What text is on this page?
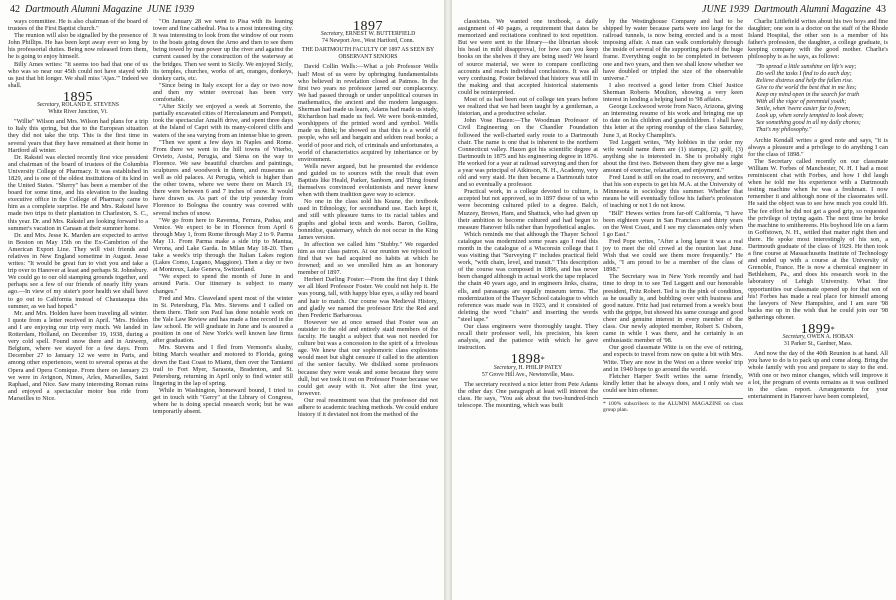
42 Dartmouth Alumni Magazine JUNE 1939

ways committee. He is also chairman of the board of trustees of the First Baptist church."

The reunion will also be signalled by the presence of John Phillips. He has been kept away ever so long by his professorial duties. Being now released from them, he is going to enjoy himself.

Billy Ames writes: "It seems too bad that one of us who was so near our 45th could not have stayed with us just that bit longer. We shall miss 'Ajax.'" Indeed we shall.

1895
Secretary, ROLAND E. STEVENS
White River Junction, Vt.

"Willie" Wilson and Mrs. Wilson had plans for a trip to Italy this spring, but due to the European situation they did not take the trip. This is the first time in several years that they have remained at their home in Hartford all winter.

Dr. Rakstel was elected recently first vice president and chairman of the board of trustees of the Columbia University College of Pharmacy. It was established in 1829, and is one of the oldest institutions of its kind in the United States. "Sherry" has been a member of the board for some time, and his elevation to the leading executive office in the College of Pharmacy came to him as a complete surprise. He and Mrs. Rakstel have made two trips to their plantation in Charleston, S. C., this year. Dr. and Mrs. Rakstel are looking forward to a summer's vacation in Canaan at their summer home.

Dr. and Mrs. Jesse K. Marden are expected to arrive in Boston on May 15th on the Ex-Cambrion of the American Export Line. They will visit friends and relatives in New England sometime in August. Jesse writes: "It would be great fun to visit you and take a trip over to Hanover at least and perhaps St. Johnsbury. We could go to our old stamping grounds together, and perhaps see a few of our friends of nearly fifty years ago.—In view of my sister's poor health we shall have to go out to California instead of Chautauqua this summer, as we had hoped."

Mr. and Mrs. Holden have been traveling all winter. I quote from a letter received in April. "Mrs. Holden and I are enjoying our trip very much. We landed in Rotterdam, Holland, on December 19, 1938, during a very cold spell. Found snow there and in Antwerp, Belgium, where we stayed for a few days. From December 27 to January 12 we were in Paris, and among other experiences, went to several operas at the Opera and Opera Comique. From there on January 23 we were in Avignon, Nimes, Arles, Marseilles, Saint Raphael, and Nice. Saw many interesting Roman ruins and enjoyed a spectacular motor bus ride from Marseilles to Nice.

"On January 28 we went to Pisa with its leaning tower and fine cathedral. Pisa is a most interesting city. It was interesting to look from the window of our room to the boats going down the Arno and then to see them being towed by man power up the river and against the current caused by the construction of the waterway at the bridges. Then we went to Sicily. We enjoyed Sicily, its temples, churches, works of art, oranges, donkeys, donkey carts, etc.

"Since being in Italy except for a day or two now and then my winter overcoat has been very comfortable.

"After Sicily we enjoyed a week at Sorrento, the partially excavated cities of Herculaneum and Pompeii, took the spectacular Amalfi drive, and spent three days at the Island of Capri with its many-colored cliffs and waters of the sea varying from an intense blue to green.

"Then we spent a few days in Naples and Rome. From there we went to the hill towns of Viterbo, Orvieto, Assisi, Perugia, and Siena on the way to Florence. We saw beautiful churches and paintings, sculptures and woodwork in them, and museums as well as old palaces. At Perugia, which is higher than the other towns, where we were there on March 19, there were between 6 and 7 inches of snow. It would have drawn us. As part of the trip yesterday from Florence to Bologna the country was covered with several inches of snow.

"We go from here to Ravenna, Ferrara, Padua, and Venice. We expect to be in Florence from April 6 through May 1, from Rome through May 2 to 9. Parma May 11. From Parma make a side trip to Mantua, Verona, and Lake Garda. In Milan May 18-20. Then take a week's trip through the Italian Lakes region (Lakes Como, Lugano, Maggiore). Then a day or two at Montreux, Lake Geneva, Switzerland.

"We expect to spend the month of June in and around Paris. Our itinerary is subject to many changes."

Fred and Mrs. Cleaveland spent most of the winter in St. Petersburg, Fla. Mrs. Stevens and I called on them there. Their son Paul has done notable work on the Yale Law Review and has made a fine record in the law school. He will graduate in June and is assured a position in one of New York's well known law firms after graduation.

Mrs. Stevens and I fled from Vermont's slushy, biting March weather and motored to Florida, going down the East Coast to Miami, then over the Tamiami trail to Fort Myer, Sarasota, Bradenton, and St. Petersburg, returning in April only to find winter still lingering in the lap of spring.

While in Washington, homeward bound, I tried to get in touch with "Gerry" at the Library of Congress, where he is doing special research work; but he was temporarily absent.

1897
Secretary, ERNEST W. BUTTERFIELD
74 Newport Ave., West Hartford, Conn.
THE DARTMOUTH FACULTY OF 1897 AS SEEN BY OBSERVANT SENIORS

David Collin Wells:—What a job Professor Wells had! Most of us were by upbringing fundamentalists who believed in revelation closed at Patmos. In the first two years no professor jarred our complacency. We had passed through or under unpolitical courses in mathematics, the ancient and the modern languages. Sherman had made us learn, Adams had made us study, Richardson had made us feel. We were book-minded, worshippers of the printed word and symbol. Wells made us think; he showed us that this is a world of people, who sell and bargain and seldom read books; a world of poor and rich, of criminals and unfortunates, a world of characteristics acquired by inheritance or by environment.

Wells never argued, but he presented the evidence and guided us to sources with the result that even Baptists like Heald, Parker, Sanborn, and Thing found themselves convinced evolutionists and never knew when with them tradition gave way to science.

No one in the class sold his Keane, the textbook used in Ethnology, for secondhand use. Each kept it, and still with pleasure turns to its racial tables and graphs and global texts and words. Baron, Gollins, bonnidise, quaternary, which do not occur in the King James version.

In affection we called him "Stubby." We regarded him as our class patron. At our reunion we rejoiced to find that we had acquired no habits at which he frowned; and so we enrolled him as an honorary member of 1897.

Herbert Darling Foster:—From the first day I think we all liked Professor Foster. We could not help it. He was young, tall, with happy blue eyes, a silky red beard and hair to match. Our course was Medieval History, and gladly we named the professor Eric the Red and then Frederic Barbarossa.

However we at once sensed that Foster was an outsider to the old and entirely staid members of the faculty. He taught a subject that was not needed for culture but was a concession to the spirit of a frivolous age. We knew that our sophomoric class explosions would meet but slight censure if called to the attention of the senior faculty. We disliked some professors because they were weak and some because they were dull, but we took it out on Professor Foster because we could get away with it. Not after the first year, however.

Our real resentment was that the professor did not adhere to academic teaching methods. We could endure history if it deviated not from the method of the

JUNE 1939 Dartmouth Alumni Magazine 43

classicists. We wanted one textbook, a daily assignment of 40 pages, a requirement that dates be memorized and recitations confined to text repetition. But we were sent to the library—the librarian shook his head in mild disapproval, for how can you keep books on the shelves if they are being used? We heard of source material, we were to compare conflicting accounts and reach individual conclusions. It was all very confusing. Foster believed that history was still in the making and that accepted historical statements could be reinterpreted.

Most of us had been out of college ten years before we realized that we had been taught by a gentleman, a historian, and a productive scholar.

John Vose Hazen:—The Woodman Professor of Civil Engineering on the Chandler Foundation followed the well-charted early route to a Dartmouth chair. The name is one that is inherent to the northern Connecticut valley. Hazen got his scientific degree at Dartmouth in 1875 and his engineering degree in 1876. He worked for a year at railroad surveying and then for a year was principal of Atkinson, N. H., Academy, very old and very staid. He then became a Dartmouth tutor and so eventually a professor.

Practical work, in a college devoted to culture, is accepted but not approved, so in 1897 those of us who were becoming cultured piled to a degree. Balch, Muzzey, Brown, Ham, and Shattuck, who had given up their ambition to become cultured and had begun to measure Hanover hills rather than hypothetical angles.

Which reminds me that although the Thayer School catalogue was modernized some years ago I read this month in the catalogue of a Wisconsin college that I was visiting that "Surveying I" includes practical field work, "with chain, level, and transit." This description of the course was composed in 1896, and has never been changed although in actual work the tape replaced the chain 40 years ago, and in engineers links, chains, ells, and parasangs are equally museum terms. The modernization of the Thayer School catalogue to which reference was made was in 1923, and it consisted of deleting the word "chain" and inserting the words "steel tape."

Our class engineers were thoroughly taught. They recall their professor well, his precision, his keen analysis, and the patience with which he gave instruction.

1898*
Secretary, H. PHILIP PATEY
57 Grove Hill Ave., Newtonville, Mass.

The secretary received a nice letter from Pete Adams the other day. One paragraph at least will interest the class. He says, "You ask about the two-hundred-inch telescope. The mounting, which was built

by the Westinghouse Company and had to be shipped by water because parts were too large for the railroad tunnels, is now being erected and is a most imposing affair. A man can walk comfortably through the inside of several of the supporting parts of the huge frame. Everything ought to be completed in between one and two years, and then we shall know whether we have doubled or tripled the size of the observable universe."

I also received a good letter from Chief Justice Sherman Roberts Moulton, showing a very keen interest in lending a helping hand to '98 affairs.

George Lockwood wrote from Naco, Arizona, giving an interesting resume of his work and bringing me up to date on his children and grandchildren. I shall have this letter at the spring roundup of the class Saturday, June 3, at Rocky Champlin's.

Ted Leggett writes, "My hobbies in the order my wife would name them are (1) stamps, (2) golf, (3) anything she is interested in. She is probably right about the first two. Between them they give me a large amount of exercise, relaxation, and enjoyment."

Fred Lund is still on the road to recovery, and writes that his son expects to get his M.A. at the University of Minnesota in sociology this summer. Whether that means he will eventually follow his father's profession of teaching or not I do not know.

"Bill" Hewes writes from far-off California, "I have been eighteen years in San Francisco and thirty years on the West Coast, and I see my classmates only when I go East."

Fred Pope writes, "After a long lapse it was a real joy to meet the old crowd at the reunion last June. Wish that we could see them more frequently." He adds, "I am proud to be a member of the class of 1898."

The Secretary was in New York recently and had time to drop in to see Ted Leggett and our honorable president, Fritz Robert. Ted is in the pink of condition, as he usually is, and bubbling over with business and good nature. Fritz had just returned from a week's bout with the grippe, but showed his same courage and good cheer and genuine interest in every member of the class. Our newly adopted member, Robert S. Osborn, came in while I was there, and he certainly is an enthusiastic member of '98.

Our good classmate Witte is on the eve of retiring, and expects to travel from now on quite a bit with Mrs. Witte. They are now in the West on a three weeks' trip and in 1940 hope to go around the world.

Fletcher Harper Swift writes the same friendly, kindly letter that he always does, and I only wish we could see him oftener.

* 100% subscribers to the ALUMNI MAGAZINE on class group plan.

Charlie Littlefield writes about his two boys and fine daughter; one son is a doctor on the staff of the Rhode Island Hospital, the other son is a member of his father's profession, the daughter, a college graduate, is keeping company with the good mother. Charlie's philosophy is as he says, as follows:

"To spread a little sunshine on life's way;
Do well the tasks I find to do each day;
Relieve distress and help the fallen rise.
Give to the world the best that in me lies;
Keep my mind open in the search for truth
With all the vigor of perennial youth;
Smile, when 'twere easier far to frown;
Look up, when sorely tempted to look down;
See something good in all my daily chores;
That's my philosophy."

Archie Kendall writes a good note and says, "it is always a pleasure and a privilege to do anything I can for the class of 1898."

The Secretary called recently on our classmate William W. Forbes of Manchester, N. H. I had a most reminiscent chat with Forbes, and how I did laugh when he told me his experience with a Dartmouth testing machine when he was a freshman. I now remember it and although none of the classmates will. He said the object was to see how much you could lift. The fee effort he did not get a good grip, so requested the privilege of trying again. The next time he broke the machine to smithereens. His boyhood life on a farm in Goffstown, N. H., settled that matter right then and there. He spoke most interestingly of his son, a Dartmouth graduate of the class of 1929. He then took a fine course at Massachusetts Institute of Technology and ended up with a course at the University of Grenoble, France. He is now a chemical engineer in Bethlehem, Pa., and does his research work in the laboratory of Lehigh University. What fine opportunities our classmate opened up for that son of his! Forbes has made a real place for himself among the lawyers of New Hampshire, and I am sure '98 backs me up in the wish that he could join our '98 gatherings oftener.

1899*
Secretary, OWEN A. HOBAN
31 Parker St., Gardner, Mass.

And now the day of the 40th Reunion is at hand. All you have to do is to pack up and come along. Bring the whole family with you and prepare to stay to the end. With one or two minor changes, which will improve it a lot, the program of events remains as it was outlined in the class report. Arrangements for your entertainment in Hanover have been completed,
